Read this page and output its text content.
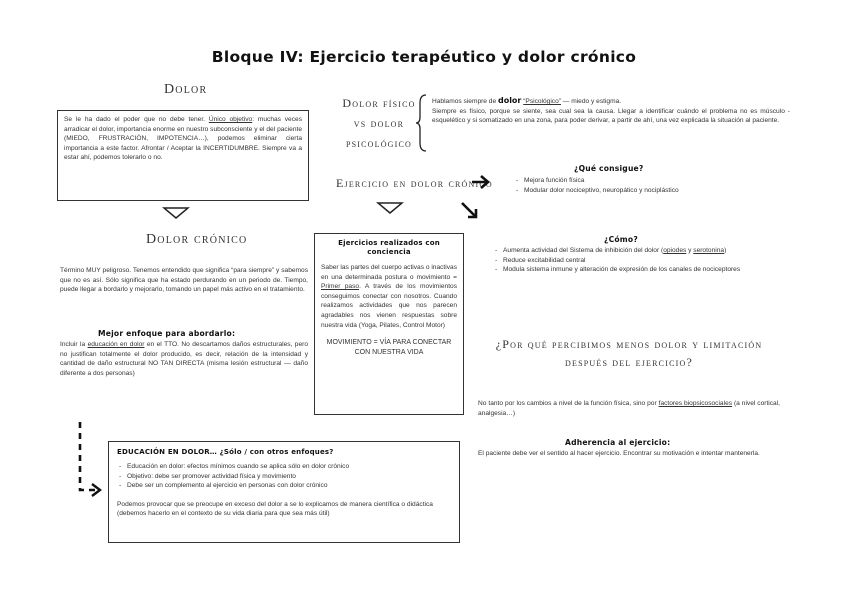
Bloque IV: Ejercicio terapéutico y dolor crónico
Dolor
Se le ha dado el poder que no debe tener. Único objetivo: muchas veces arradicar el dolor, importancia enorme en nuestro subconsciente y el del paciente (MIEDO, FRUSTRACIÓN, IMPOTENCIA…), podemos eliminar cierta importancia a este factor. Afrontar / Aceptar la INCERTIDUMBRE. Siempre va a estar ahí, podemos tolerarlo o no.
Dolor crónico
Término MUY peligroso. Tenemos entendido que significa “para siempre” y sabemos que no es así. Sólo significa que ha estado perdurando en un periodo de. Tiempo, puede llegar a bordarlo y mejorarlo, tomando un papel más activo en el tratamiento.
Mejor enfoque para abordarlo:
Incluir la educación en dolor en el TTO. No descartamos daños estructurales, pero no justifican totalmente el dolor producido, es decir, relación de la intensidad y cantidad de daño estructural NO TAN DIRECTA (misma lesión estructural — daño diferente a dos personas)
EDUCACIÓN EN DOLOR… ¿Sólo / con otros enfoques?
- Educación en dolor: efectos mínimos cuando se aplica sólo en dolor crónico
- Objetivo: debe ser promover actividad física y movimiento
- Debe ser un complemento al ejercicio en personas con dolor crónico
Podemos provocar que se preocupe en exceso del dolor a se lo explicamos de manera científica o didáctica (debemos hacerlo en el contexto de su vida diaria para que sea más útil)
Dolor físico
vs dolor
psicológico
Hablamos siempre de dolor “Psicológico” — miedo y estigma.
Siempre es físico, porque se siente, sea cual sea la causa. Llegar a identificar cuándo el problema no es músculo - esquelético y si somatizado en una zona, para poder derivar, a partir de ahí, una vez explicada la situación al paciente.
Ejercicio en dolor crónico
¿Qué consigue?
- Mejora función física
- Modular dolor nociceptivo, neuropático y nociplástico
Ejercicios realizados con
conciencia
Saber las partes del cuerpo activas o inactivas en una determinada postura o movimiento = Primer paso. A través de los movimientos conseguimos conectar con nosotros. Cuando realizamos actividades que nos parecen agradables nos vienen respuestas sobre nuestra vida (Yoga, Pilates, Control Motor)
MOVIMIENTO = VÍA PARA CONECTAR CON NUESTRA VIDA
¿Cómo?
- Aumenta actividad del Sistema de inhibición del dolor (opiodes y serotonina)
- Reduce excitabilidad central
- Modula sistema inmune y alteración de expresión de los canales de nociceptores
¿Por qué percibimos menos dolor y limitación
después del ejercicio?
No tanto por los cambios a nivel de la función física, sino por factores biopsicosociales (a nivel cortical, analgesia…)
Adherencia al ejercicio:
El paciente debe ver el sentido al hacer ejercicio. Encontrar su motivación e intentar mantenerla.
